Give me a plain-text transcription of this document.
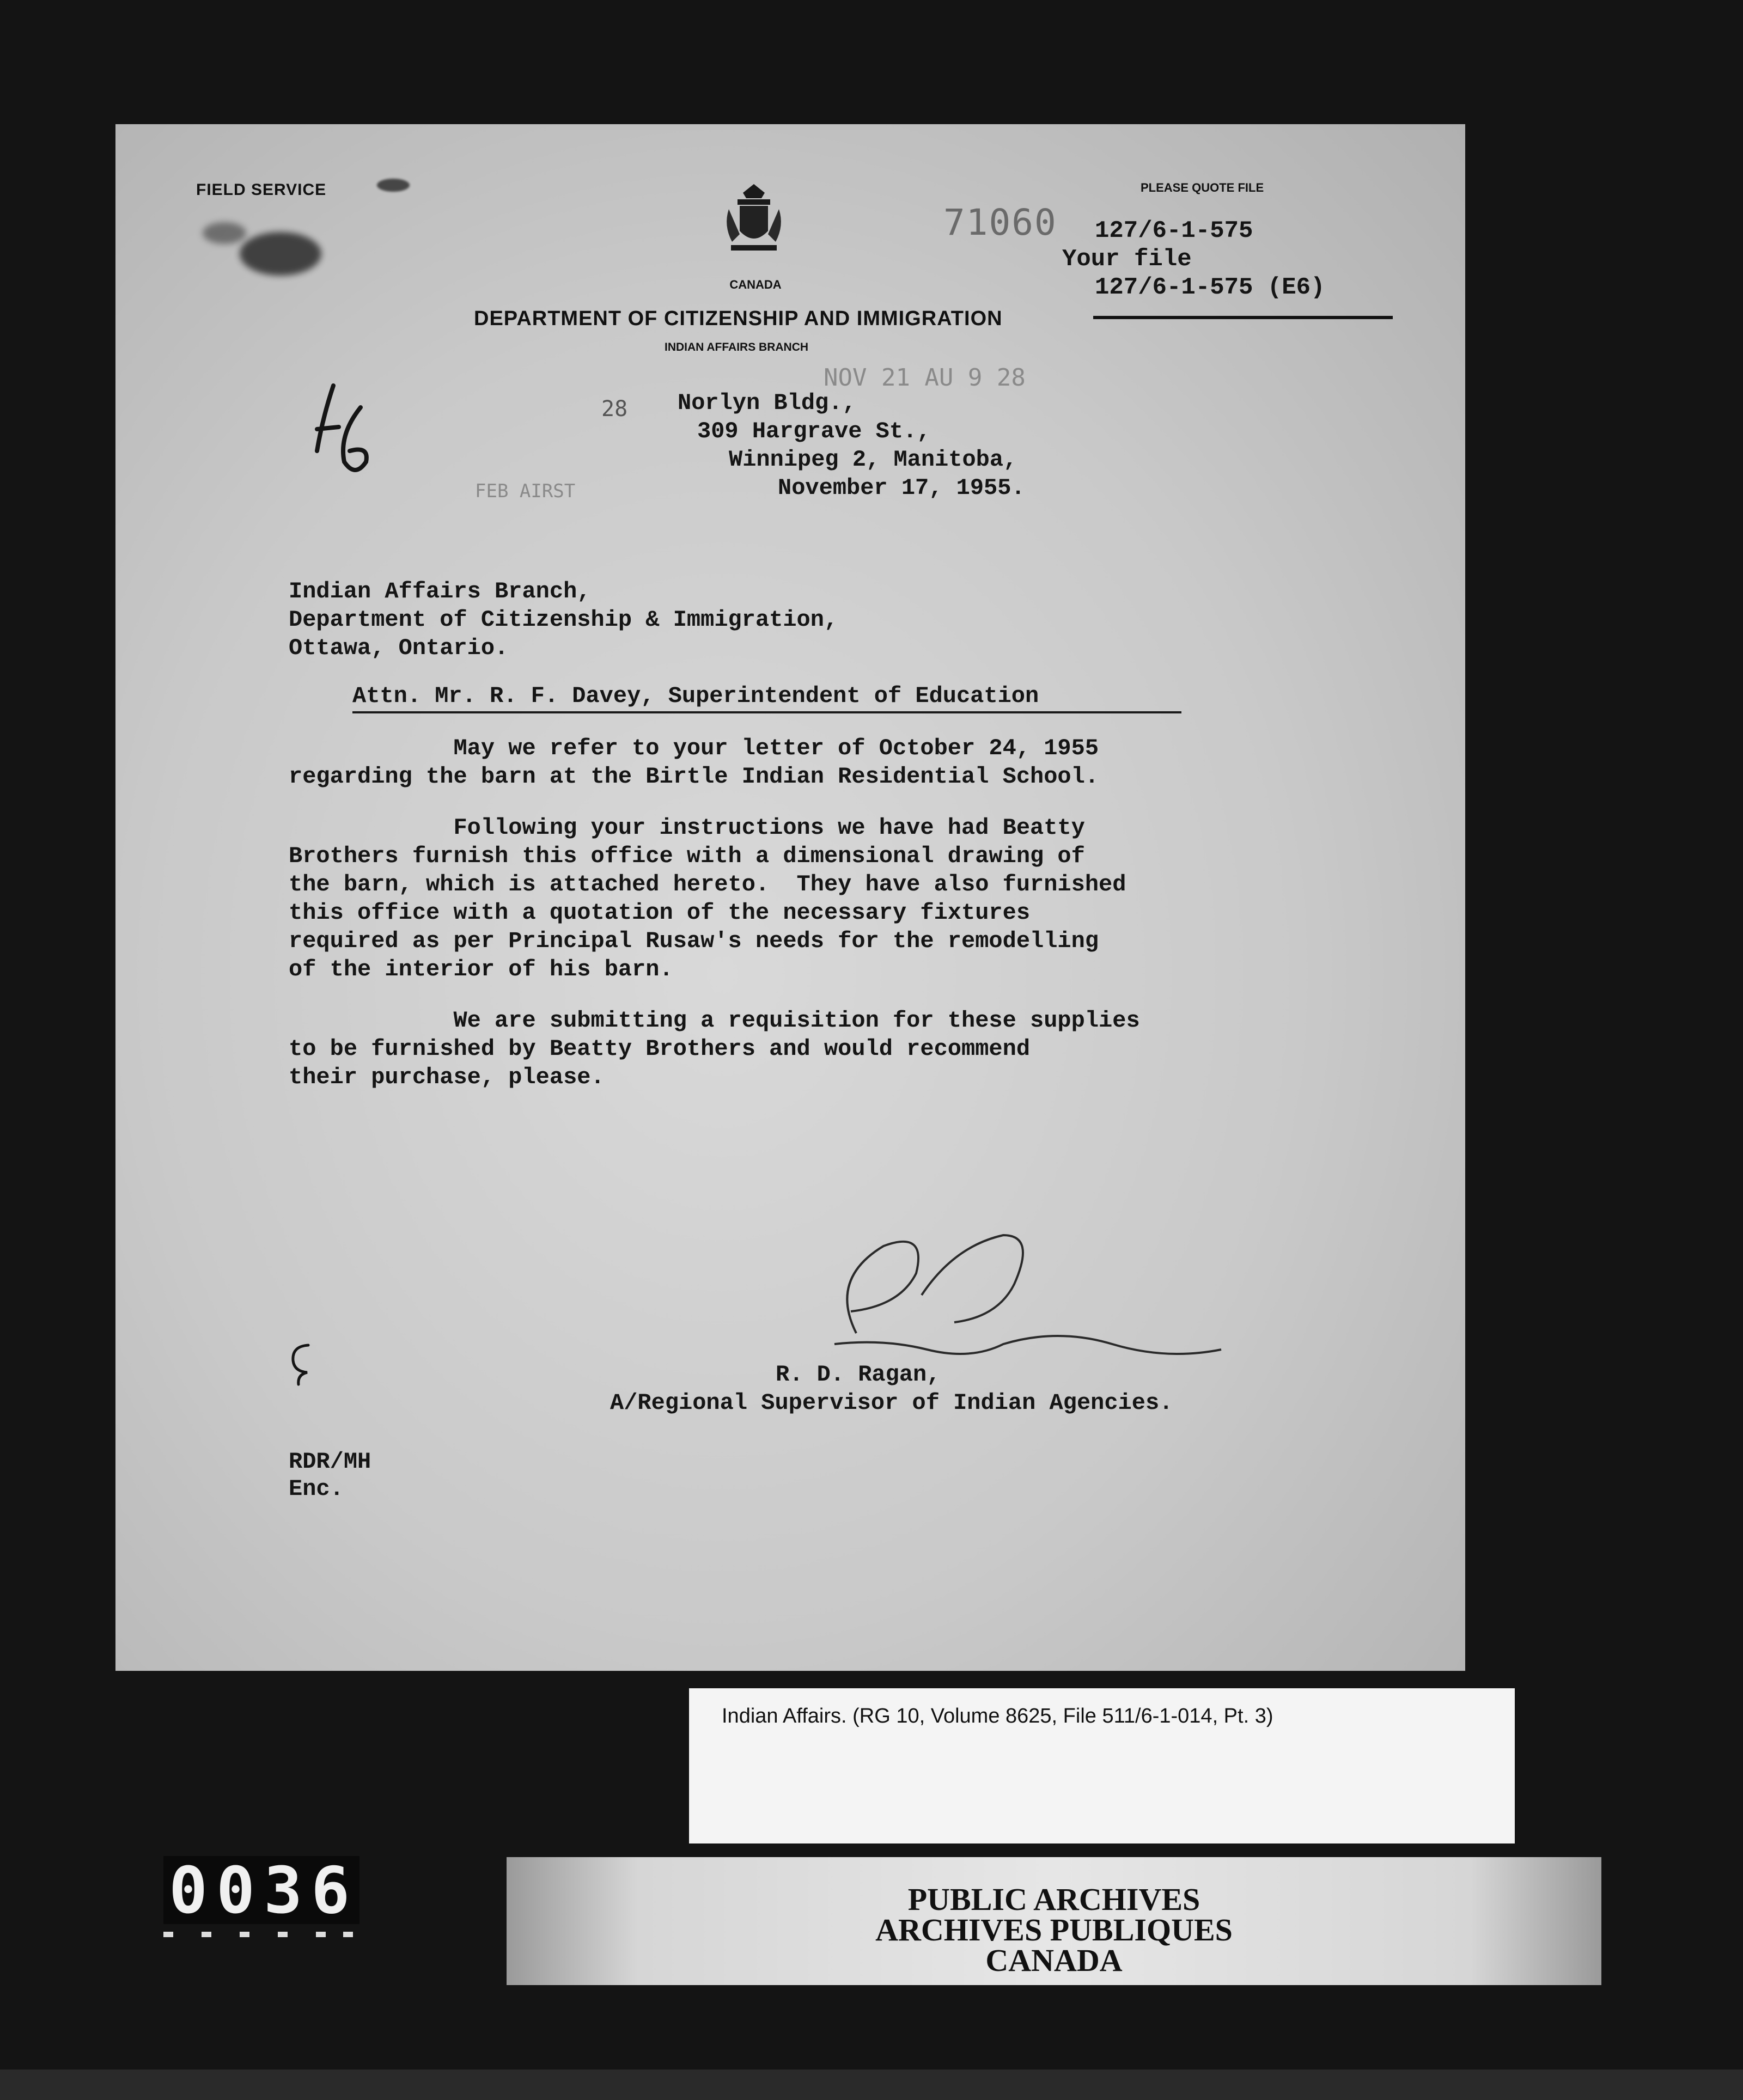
FIELD SERVICE
CANADA
71060
PLEASE QUOTE FILE
127/6-1-575
Your file
127/6-1-575 (E6)
DEPARTMENT OF CITIZENSHIP AND IMMIGRATION
INDIAN AFFAIRS BRANCH
NOV 21 AU 9 28
28
FEB AIRST
Norlyn Bldg.,
309 Hargrave St.,
Winnipeg 2, Manitoba,
November 17, 1955.
Indian Affairs Branch,
Department of Citizenship & Immigration,
Ottawa, Ontario.
Attn. Mr. R. F. Davey, Superintendent of Education
May we refer to your letter of October 24, 1955
regarding the barn at the Birtle Indian Residential School.
Following your instructions we have had Beatty
Brothers furnish this office with a dimensional drawing of
the barn, which is attached hereto.  They have also furnished
this office with a quotation of the necessary fixtures
required as per Principal Rusaw's needs for the remodelling
of the interior of his barn.
We are submitting a requisition for these supplies
to be furnished by Beatty Brothers and would recommend
their purchase, please.
R. D. Ragan,
A/Regional Supervisor of Indian Agencies.
RDR/MH
Enc.
Indian Affairs. (RG 10, Volume 8625, File 511/6-1-014, Pt. 3)
PUBLIC ARCHIVES
ARCHIVES PUBLIQUES
CANADA
0036
